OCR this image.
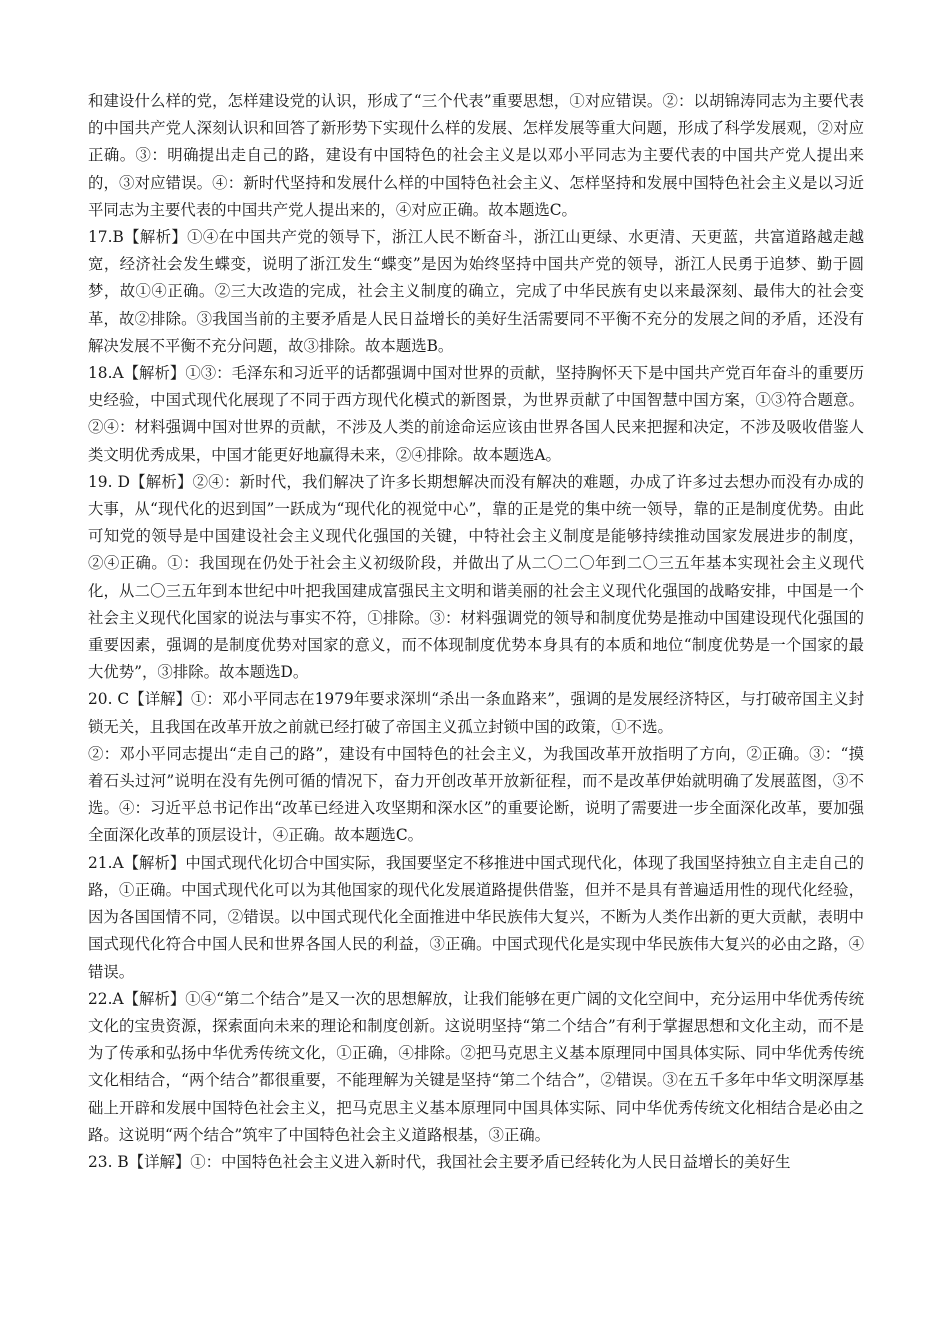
和建设什么样的党，怎样建设党的认识，形成了“三个代表”重要思想，①对应错误。②：以胡锦涛同志为主要代表的中国共产党人深刻认识和回答了新形势下实现什么样的发展、怎样发展等重大问题，形成了科学发展观，②对应正确。③：明确提出走自己的路，建设有中国特色的社会主义是以邓小平同志为主要代表的中国共产党人提出来的，③对应错误。④：新时代坚持和发展什么样的中国特色社会主义、怎样坚持和发展中国特色社会主义是以习近平同志为主要代表的中国共产党人提出来的，④对应正确。故本题选C。

17.B【解析】①④在中国共产党的领导下，浙江人民不断奋斗，浙江山更绿、水更清、天更蓝，共富道路越走越宽，经济社会发生蝶变，说明了浙江发生“蝶变”是因为始终坚持中国共产党的领导，浙江人民勇于追梦、勤于圆梦，故①④正确。②三大改造的完成，社会主义制度的确立，完成了中华民族有史以来最深刻、最伟大的社会变革，故②排除。③我国当前的主要矛盾是人民日益增长的美好生活需要同不平衡不充分的发展之间的矛盾，还没有解决发展不平衡不充分问题，故③排除。故本题选B。

18.A【解析】①③：毛泽东和习近平的话都强调中国对世界的贡献，坚持胸怀天下是中国共产党百年奋斗的重要历史经验，中国式现代化展现了不同于西方现代化模式的新图景，为世界贡献了中国智慧中国方案，①③符合题意。②④：材料强调中国对世界的贡献，不涉及人类的前途命运应该由世界各国人民来把握和决定，不涉及吸收借鉴人类文明优秀成果，中国才能更好地赢得未来，②④排除。故本题选A。

19. D【解析】②④：新时代，我们解决了许多长期想解决而没有解决的难题，办成了许多过去想办而没有办成的大事，从“现代化的迟到国”一跃成为“现代化的视觉中心”，靠的正是党的集中统一领导，靠的正是制度优势。由此可知党的领导是中国建设社会主义现代化强国的关键，中特社会主义制度是能够持续推动国家发展进步的制度，②④正确。①：我国现在仍处于社会主义初级阶段，并做出了从二〇二〇年到二〇三五年基本实现社会主义现代化，从二〇三五年到本世纪中叶把我国建成富强民主文明和谐美丽的社会主义现代化强国的战略安排，中国是一个社会主义现代化国家的说法与事实不符，①排除。③：材料强调党的领导和制度优势是推动中国建设现代化强国的重要因素，强调的是制度优势对国家的意义，而不体现制度优势本身具有的本质和地位“制度优势是一个国家的最大优势”，③排除。故本题选D。

20. C【详解】①：邓小平同志在1979年要求深圳“杀出一条血路来”，强调的是发展经济特区，与打破帝国主义封锁无关，且我国在改革开放之前就已经打破了帝国主义孤立封锁中国的政策，①不选。

②：邓小平同志提出“走自己的路”，建设有中国特色的社会主义，为我国改革开放指明了方向，②正确。③：“摸着石头过河”说明在没有先例可循的情况下，奋力开创改革开放新征程，而不是改革伊始就明确了发展蓝图，③不选。④：习近平总书记作出“改革已经进入攻坚期和深水区”的重要论断，说明了需要进一步全面深化改革，要加强全面深化改革的顶层设计，④正确。故本题选C。

21.A【解析】中国式现代化切合中国实际，我国要坚定不移推进中国式现代化，体现了我国坚持独立自主走自己的路，①正确。中国式现代化可以为其他国家的现代化发展道路提供借鉴，但并不是具有普遍适用性的现代化经验，因为各国国情不同，②错误。以中国式现代化全面推进中华民族伟大复兴，不断为人类作出新的更大贡献，表明中国式现代化符合中国人民和世界各国人民的利益，③正确。中国式现代化是实现中华民族伟大复兴的必由之路，④错误。

22.A【解析】①④“第二个结合”是又一次的思想解放，让我们能够在更广阔的文化空间中，充分运用中华优秀传统文化的宝贵资源，探索面向未来的理论和制度创新。这说明坚持“第二个结合”有利于掌握思想和文化主动，而不是为了传承和弘扬中华优秀传统文化，①正确，④排除。②把马克思主义基本原理同中国具体实际、同中华优秀传统文化相结合，“两个结合”都很重要，不能理解为关键是坚持“第二个结合”，②错误。③在五千多年中华文明深厚基础上开辟和发展中国特色社会主义，把马克思主义基本原理同中国具体实际、同中华优秀传统文化相结合是必由之路。这说明“两个结合”筑牢了中国特色社会主义道路根基，③正确。

23. B【详解】①：中国特色社会主义进入新时代，我国社会主要矛盾已经转化为人民日益增长的美好生
